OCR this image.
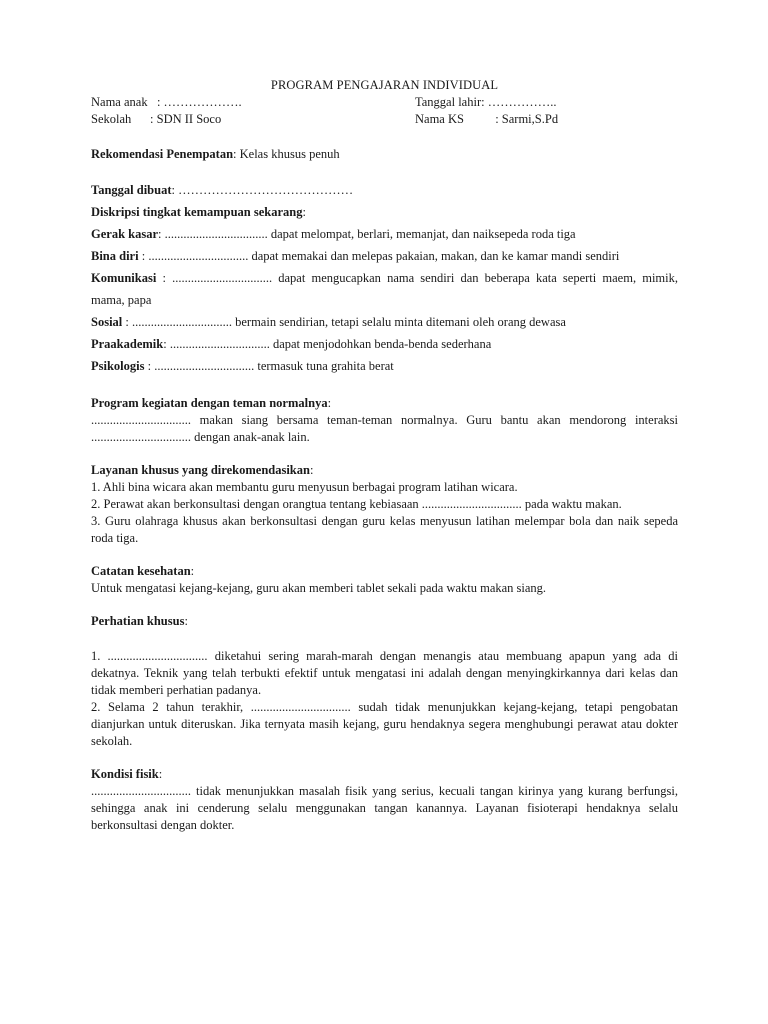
PROGRAM PENGAJARAN INDIVIDUAL
Nama anak : ……………….	Tanggal lahir: ……………..
Sekolah : SDN II Soco	Nama KS	: Sarmi,S.Pd

Rekomendasi Penempatan: Kelas khusus penuh

Tanggal dibuat: ……………………………………

Diskripsi tingkat kemampuan sekarang:

Gerak kasar: ................................. dapat melompat, berlari, memanjat, dan naiksepeda roda tiga

Bina diri : ................................ dapat memakai dan melepas pakaian, makan, dan ke kamar mandi sendiri

Komunikasi : ................................ dapat mengucapkan nama sendiri dan beberapa kata seperti maem, mimik, mama, papa

Sosial : ................................ bermain sendirian, tetapi selalu minta ditemani oleh orang dewasa

Praakademik: ................................ dapat menjodohkan benda-benda sederhana

Psikologis : ................................ termasuk tuna grahita berat

Program kegiatan dengan teman normalnya:

................................ makan siang bersama teman-teman normalnya. Guru bantu akan mendorong interaksi ................................ dengan anak-anak lain.

Layanan khusus yang direkomendasikan:

1. Ahli bina wicara akan membantu guru menyusun berbagai program latihan wicara.

2. Perawat akan berkonsultasi dengan orangtua tentang kebiasaan ................................ pada waktu makan.

3. Guru olahraga khusus akan berkonsultasi dengan guru kelas menyusun latihan melempar bola dan naik sepeda roda tiga.

Catatan kesehatan:

Untuk mengatasi kejang-kejang, guru akan memberi tablet sekali pada waktu makan siang.

Perhatian khusus:

1. ................................ diketahui sering marah-marah dengan menangis atau membuang apapun yang ada di dekatnya. Teknik yang telah terbukti efektif untuk mengatasi ini adalah dengan menyingkirkannya dari kelas dan tidak memberi perhatian padanya.

2. Selama 2 tahun terakhir, ................................ sudah tidak menunjukkan kejang-kejang, tetapi pengobatan dianjurkan untuk diteruskan. Jika ternyata masih kejang, guru hendaknya segera menghubungi perawat atau dokter sekolah.

Kondisi fisik:

................................ tidak menunjukkan masalah fisik yang serius, kecuali tangan kirinya yang kurang berfungsi, sehingga anak ini cenderung selalu menggunakan tangan kanannya. Layanan fisioterapi hendaknya selalu berkonsultasi dengan dokter.
